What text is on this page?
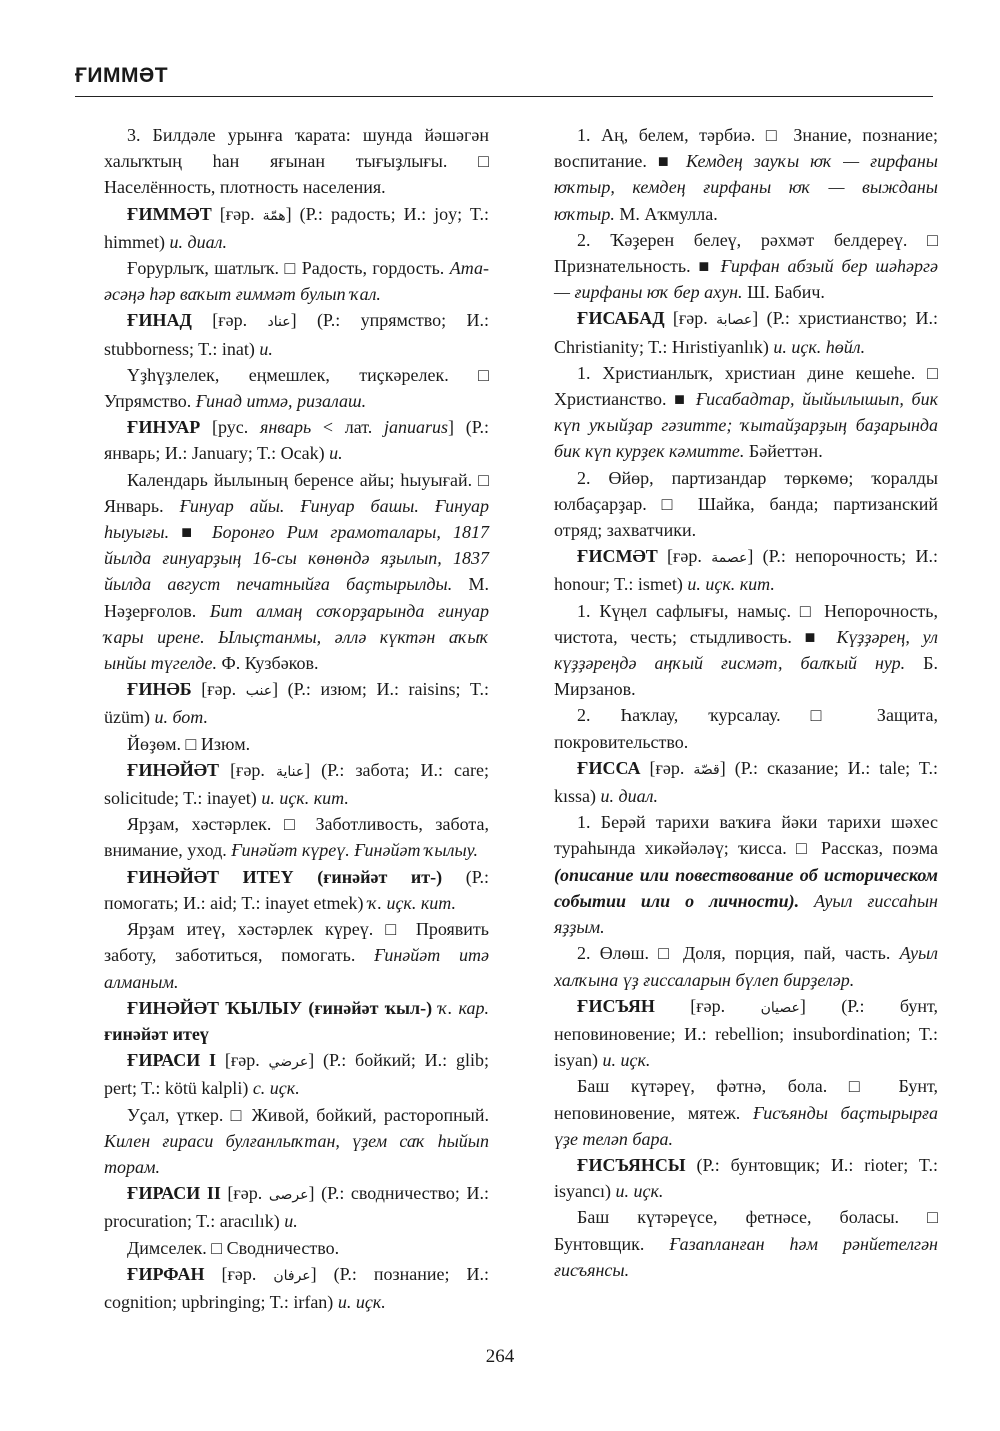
ҒИММӘТ

3. Билдәле урынға ҡарата: шунда йәшәгән халыҡтың һан яғынан тығыҙлығы. □ Населённость, плотность населения.

ҒИММӘТ [ғәр. همّة] (Р.: радость; И.: joy; T.: himmet) и. диал.

Ғорурлыҡ, шатлыҡ. □ Радость, гордость. Ата-әсәңә һәр ваҡыт ғиммәт булып ҡал.

ҒИНАД [ғәр. عناد] (Р.: упрямство; И.: stubborness; T.: inat) и.

Үҙһүҙлелек, еңмешлек, тиҫкәрелек. □ Упрямство. Ғинад итмә, ризалаш.

ҒИНУАР [рус. январь < лат. januarus] (Р.: январь; И.: January; T.: Ocak) и.

Календарь йылының беренсе айы; һыуығай. □ Январь. Ғинуар айы. Ғинуар башы. Ғинуар һыуығы. ■ Боронғо Рим грамоталары, 1817 йылда ғинуарҙың 16-сы көнөндә яҙылып, 1837 йылда август печатныйға баҫтырылды. М. Нәҙерғолов. Бит алмаң соҡорҙарында ғинуар ҡары ирене. Ылыҫтанмы, әллә күктән аҡыҡ ынйы түгелде. Ф. Кузбәков.

ҒИНӘБ [ғәр. عنب] (Р.: изюм; И.: raisins; T.: üzüm) и. бот.

Йөҙөм. □ Изюм.

ҒИНӘЙӘТ [ғәр. عناية] (Р.: забота; И.: care; solicitude; T.: inayet) и. иҫк. кит.

Ярҙам, хәстәрлек. □ Заботливость, забота, внимание, уход. Ғинәйәт күреү. Ғинәйәт ҡылыу.

ҒИНӘЙӘТ ИТЕҮ (ғинәйәт ит-) (Р.: помогать; И.: aid; T.: inayet etmek) ҡ. иҫк. кит.

Ярҙам итеү, хәстәрлек күреү. □ Проявить заботу, заботиться, помогать. Ғинәйәт итә алманым.

ҒИНӘЙӘТ ҠЫЛЫУ (ғинәйәт ҡыл-) ҡ. кар. ғинәйәт итеү

ҒИРАСИ I [ғәр. عرضي] (Р.: бойкий; И.: glib; pert; T.: kötü kalpli) с. иҫк.

Уҫал, үткер. □ Живой, бойкий, расторопный. Килен ғираси булғанлыҡтан, үҙем саҡ һыйып торам.

ҒИРАСИ II [ғәр. عرصى] (Р.: сводничество; И.: procuration; T.: aracılık) и.

Димселек. □ Сводничество.

ҒИРФАН [ғәр. عرفان] (Р.: познание; И.: cognition; upbringing; T.: irfan) и. иҫк.

1. Аң, белем, тәрбиә. □ Знание, познание; воспитание. ■ Кемдең зауҡы юҡ — ғирфаны юҡтыр, кемдең ғирфаны юҡ — выжданы юҡтыр. М. Аҡмулла.

2. Ҡәҙерен белеү, рәхмәт белдереү. □ Признательность. ■ Ғирфан абзый бер шәһәргә — ғирфаны юҡ бер ахун. Ш. Бабич.

ҒИСАБАД [ғәр. عصابة] (Р.: христианство; И.: Christianity; T.: Hıristiyanlık) и. иҫк. һөйл.

1. Христианлыҡ, христиан дине кешеһе. □ Христианство. ■ Ғисабадтар, йыйылышып, бик күп уҡыйҙар гәзитте; ҡытайҙарҙың баҙарында бик күп курҙек кәмитте. Бәйеттән.

2. Өйөр, партизандар төркөмө; ҡоралды юлбаҫарҙар. □ Шайка, банда; партизанский отряд; захватчики.

ҒИСМӘТ [ғәр. عصمة] (Р.: непорочность; И.: honour; T.: ismet) и. иҫк. кит.

1. Күңел сафлығы, намыҫ. □ Непорочность, чистота, честь; стыдливость. ■ Күҙҙәрең, ул күҙҙәреңдә аңҡый ғисмәт, балҡый нур. Б. Мирзанов.

2. Һаҡлау, ҡурсалау. □ Защита, покровительство.

ҒИССА [ғәр. قصّة] (Р.: сказание; И.: tale; T.: kıssa) и. диал.

1. Берәй тарихи ваҡиға йәки тарихи шәхес тураһында хикәйәләү; ҡисса. □ Рассказ, поэма (описание или повествование об историческом событии или о личности). Ауыл ғиссаһын яҙҙым.

2. Өлөш. □ Доля, порция, пай, часть. Ауыл халҡына үҙ ғиссаларын бүлеп бирҙеләр.

ҒИСЪЯН [ғәр. عصيان] (Р.: бунт, неповиновение; И.: rebellion; insubordination; T.: isyan) и. иҫк.

Баш күтәреү, фәтнә, бола. □ Бунт, неповиновение, мятеж. Ғисъянды баҫтырырға үҙе теләп бара.

ҒИСЪЯНСЫ (Р.: бунтовщик; И.: rioter; T.: isyancı) и. иҫк.

Баш күтәреүсе, фетнәсе, боласы. □ Бунтовщик. Ғазапланған һәм рәнйетелгән ғисъянсы.

264
